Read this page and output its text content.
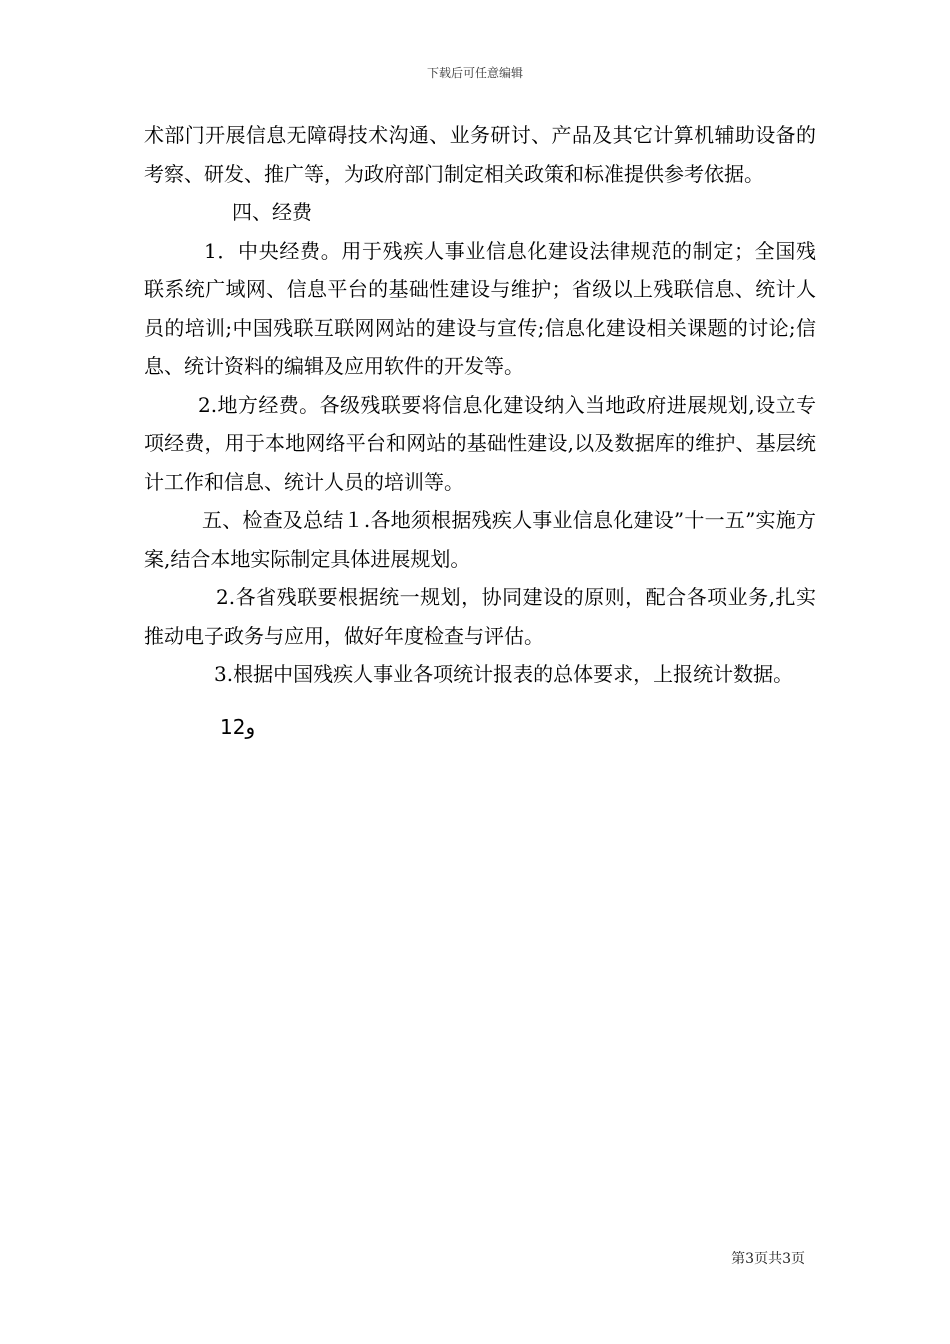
下载后可任意编辑

术部门开展信息无障碍技术沟通、业务研讨、产品及其它计算机辅助设备的考察、研发、推广等，为政府部门制定相关政策和标准提供参考依据。

四、经费

1．中央经费。用于残疾人事业信息化建设法律规范的制定；全国残联系统广域网、信息平台的基础性建设与维护；省级以上残联信息、统计人员的培训;中国残联互联网网站的建设与宣传;信息化建设相关课题的讨论;信息、统计资料的编辑及应用软件的开发等。

2.地方经费。各级残联要将信息化建设纳入当地政府进展规划,设立专项经费，用于本地网络平台和网站的基础性建设,以及数据库的维护、基层统计工作和信息、统计人员的培训等。

五、检查及总结１.各地须根据残疾人事业信息化建设”十一五”实施方案,结合本地实际制定具体进展规划。

2.各省残联要根据统一规划，协同建设的原则，配合各项业务,扎实推动电子政务与应用，做好年度检查与评估。

3.根据中国残疾人事业各项统计报表的总体要求，上报统计数据。

12و
第3页共3页
